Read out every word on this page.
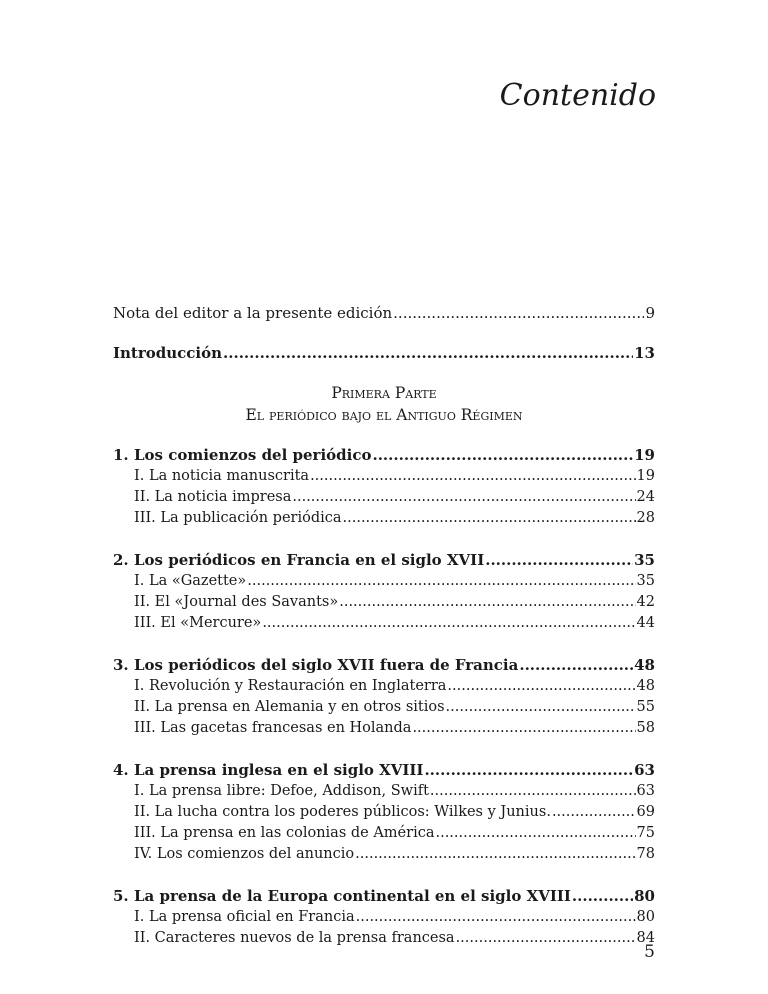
Contenido
Nota del editor a la presente edición .....	9
Introducción .....	13
Primera Parte
El periódico bajo el Antiguo Régimen
1. Los comienzos del periódico .....	19
I. La noticia manuscrita .....	19
II. La noticia impresa .....	24
III. La publicación periódica .....	28
2. Los periódicos en Francia en el siglo XVII .....	35
I. La «Gazette» .....	35
II. El «Journal des Savants» .....	42
III. El «Mercure» .....	44
3. Los periódicos del siglo XVII fuera de Francia .....	48
I. Revolución y Restauración en Inglaterra .....	48
II. La prensa en Alemania y en otros sitios .....	55
III. Las gacetas francesas en Holanda .....	58
4. La prensa inglesa en el siglo XVIII .....	63
I. La prensa libre: Defoe, Addison, Swift .....	63
II. La lucha contra los poderes públicos: Wilkes y Junius. .....	69
III. La prensa en las colonias de América .....	75
IV. Los comienzos del anuncio .....	78
5. La prensa de la Europa continental en el siglo XVIII .....	80
I. La prensa oficial en Francia .....	80
II. Caracteres nuevos de la prensa francesa .....	84
5
